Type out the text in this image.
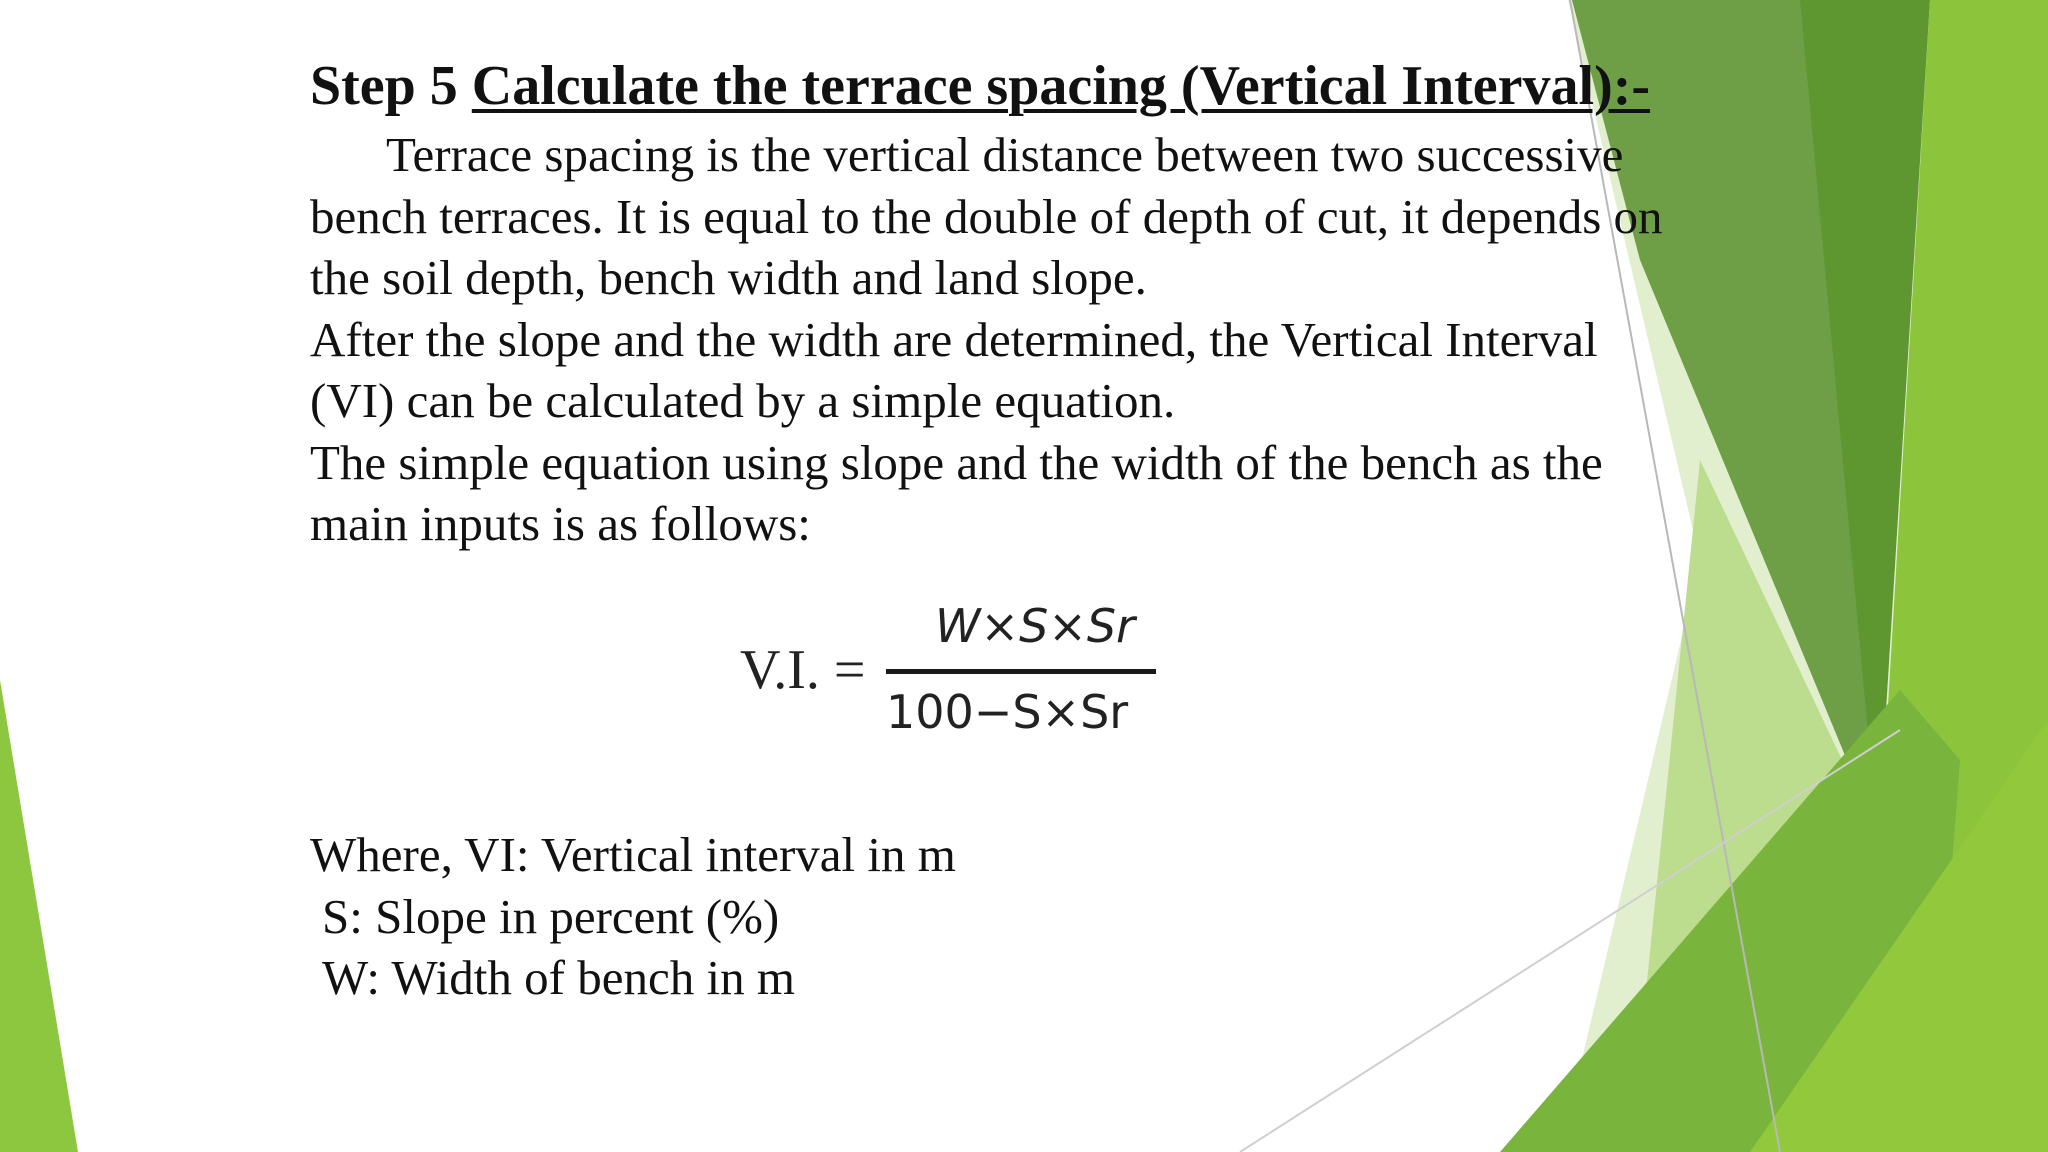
Step 5 Calculate the terrace spacing (Vertical Interval):-

Terrace spacing is the vertical distance between two successive
bench terraces. It is equal to the double of depth of cut, it depends on
the soil depth, bench width and land slope.
After the slope and the width are determined, the Vertical Interval
(VI) can be calculated by a simple equation.
The simple equation using slope and the width of the bench as the
main inputs is as follows:

V.I. =
W×S×Sr
100−S×Sr

Where, VI: Vertical interval in m
S: Slope in percent (%)
W: Width of bench in m
